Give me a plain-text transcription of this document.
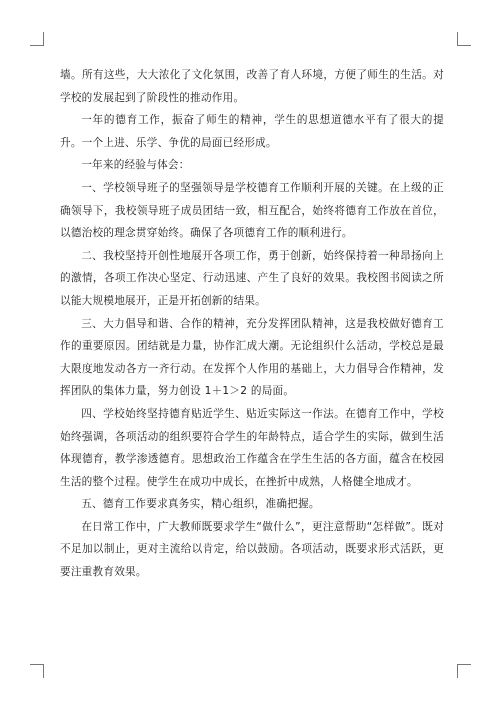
墙。所有这些，大大浓化了文化氛围，改善了育人环境，方便了师生的生活。对学校的发展起到了阶段性的推动作用。

一年的德育工作，振奋了师生的精神，学生的思想道德水平有了很大的提升。一个上进、乐学、争优的局面已经形成。

一年来的经验与体会：

一、学校领导班子的坚强领导是学校德育工作顺利开展的关键。在上级的正确领导下，我校领导班子成员团结一致，相互配合，始终将德育工作放在首位，以德治校的理念贯穿始终。确保了各项德育工作的顺利进行。

二、我校坚持开创性地展开各项工作，勇于创新，始终保持着一种昂扬向上的激情，各项工作决心坚定、行动迅速、产生了良好的效果。我校图书阅读之所以能大规模地展开，正是开拓创新的结果。

三、大力倡导和谐、合作的精神，充分发挥团队精神，这是我校做好德育工作的重要原因。团结就是力量，协作汇成大潮。无论组织什么活动，学校总是最大限度地发动各方一齐行动。在发挥个人作用的基础上，大力倡导合作精神，发挥团队的集体力量，努力创设 1＋1＞2 的局面。

四、学校始终坚持德育贴近学生、贴近实际这一作法。在德育工作中，学校始终强调，各项活动的组织要符合学生的年龄特点，适合学生的实际，做到生活体现德育，教学渗透德育。思想政治工作蕴含在学生生活的各方面，蕴含在校园生活的整个过程。使学生在成功中成长，在挫折中成熟，人格健全地成才。

五、德育工作要求真务实，精心组织，准确把握。

在日常工作中，广大教师既要求学生“做什么”，更注意帮助“怎样做”。既对不足加以制止，更对主流给以肯定，给以鼓励。各项活动，既要求形式活跃，更要注重教育效果。
